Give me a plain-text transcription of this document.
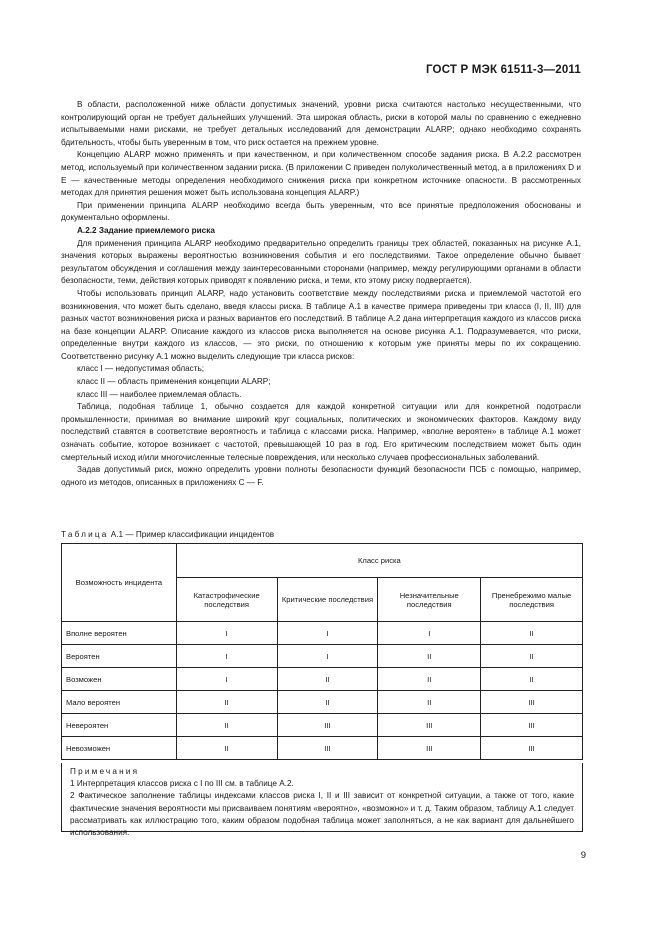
ГОСТ Р МЭК 61511-3—2011

В области, расположенной ниже области допустимых значений, уровни риска считаются настолько несущественными, что контролирующий орган не требует дальнейших улучшений. Эта широкая область, риски в которой малы по сравнению с ежедневно испытываемыми нами рисками, не требует детальных исследований для демонстрации ALARP; однако необходимо сохранять бдительность, чтобы быть уверенным в том, что риск остается на прежнем уровне.

Концепцию ALARP можно применять и при качественном, и при количественном способе задания риска. В А.2.2 рассмотрен метод, используемый при количественном задании риска. (В приложении С приведен полуколичественный метод, а в приложениях D и Е — качественные методы определения необходимого снижения риска при конкретном источнике опасности. В рассмотренных методах для принятия решения может быть использована концепция ALARP.)

При применении принципа ALARP необходимо всегда быть уверенным, что все принятые предположения обоснованы и документально оформлены.

А.2.2 Задание приемлемого риска

Для применения принципа ALARP необходимо предварительно определить границы трех областей, показанных на рисунке А.1, значения которых выражены вероятностью возникновения события и его последствиями. Такое определение обычно бывает результатом обсуждения и соглашения между заинтересованными сторонами (например, между регулирующими органами в области безопасности, теми, действия которых приводят к появлению риска, и теми, кто этому риску подвергается).

Чтобы использовать принцип ALARP, надо установить соответствие между последствиями риска и приемлемой частотой его возникновения, что может быть сделано, введя классы риска. В таблице А.1 в качестве примера приведены три класса (I, II, III) для разных частот возникновения риска и разных вариантов его последствий. В таблице А.2 дана интерпретация каждого из классов риска на базе концепции ALARP. Описание каждого из классов риска выполняется на основе рисунка А.1. Подразумевается, что риски, определенные внутри каждого из классов, — это риски, по отношению к которым уже приняты меры по их сокращению. Соответственно рисунку А.1 можно выделить следующие три класса рисков:

класс I — недопустимая область;

класс II — область применения концепции ALARP;

класс III — наиболее приемлемая область.

Таблица, подобная таблице 1, обычно создается для каждой конкретной ситуации или для конкретной подотрасли промышленности, принимая во внимание широкий круг социальных, политических и экономических факторов. Каждому виду последствий ставятся в соответствие вероятность и таблица с классами риска. Например, «вполне вероятен» в таблице А.1 может означать событие, которое возникает с частотой, превышающей 10 раз в год. Его критическим последствием может быть один смертельный исход и/или многочисленные телесные повреждения, или несколько случаев профессиональных заболеваний.

Задав допустимый риск, можно определить уровни полноты безопасности функций безопасности ПСБ с помощью, например, одного из методов, описанных в приложениях С — F.

Таблица А.1 — Пример классификации инцидентов
Возможность инцидента	Класс риска			
	Катастрофические последствия	Критические последствия	Незначительные последствия	Пренебрежимо малые последствия
Вполне вероятен	I	I	I	II
Вероятен	I	I	II	II
Возможен	I	II	II	II
Мало вероятен	II	II	II	III
Невероятен	II	III	III	III
Невозможен	II	III	III	III

Примечания

1 Интерпретация классов риска с I по III см. в таблице А.2.

2 Фактическое заполнение таблицы индексами классов риска I, II и III зависит от конкретной ситуации, а также от того, какие фактические значения вероятности мы присваиваем понятиям «вероятно», «возможно» и т. д. Таким образом, таблицу А.1 следует рассматривать как иллюстрацию того, каким образом подобная таблица может заполняться, а не как вариант для дальнейшего использования.

9
